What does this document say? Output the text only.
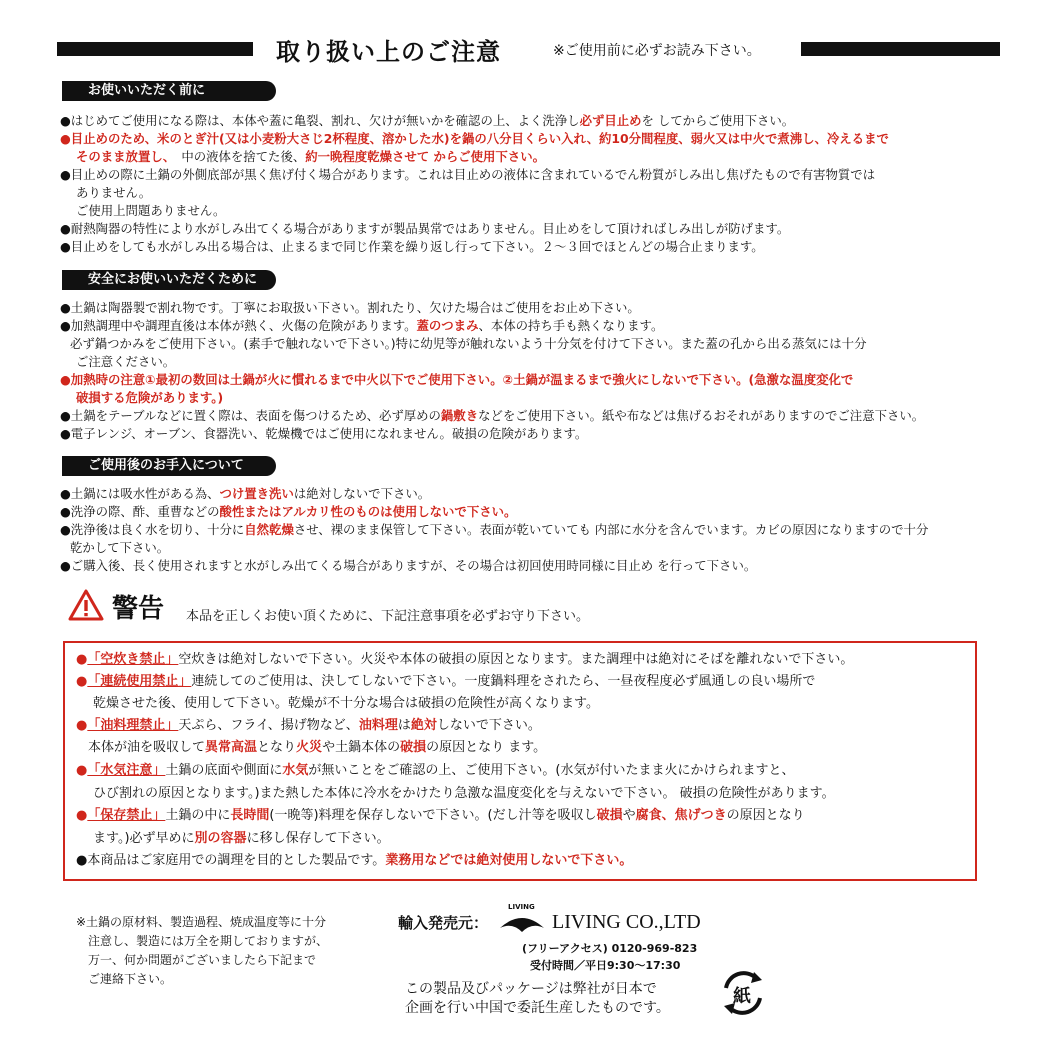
取り扱い上のご注意	※ご使用前に必ずお読み下さい。
お使いいただく前に
●はじめてご使用になる際は、本体や蓋に亀裂、割れ、欠けが無いかを確認の上、よく洗浄し必ず目止めを してからご使用下さい。
●目止めのため、米のとぎ汁(又は小麦粉大さじ2杯程度、溶かした水)を鍋の八分目くらい入れ、約10分間程度、弱火又は中火で煮沸し、冷えるまで
そのまま放置し、　中の液体を捨てた後、約一晩程度乾燥させて からご使用下さい。
●目止めの際に土鍋の外側底部が黒く焦げ付く場合があります。これは目止めの液体に含まれているでん粉質がしみ出し焦げたもので有害物質では
ありません。
ご使用上問題ありません。
●耐熱陶器の特性により水がしみ出てくる場合がありますが製品異常ではありません。目止めをして頂ければしみ出しが防げます。
●目止めをしても水がしみ出る場合は、止まるまで同じ作業を繰り返し行って下さい。２〜３回でほとんどの場合止まります。
安全にお使いいただくために
●土鍋は陶器製で割れ物です。丁寧にお取扱い下さい。割れたり、欠けた場合はご使用をお止め下さい。
●加熱調理中や調理直後は本体が熱く、火傷の危険があります。蓋のつまみ、本体の持ち手も熱くなります。
必ず鍋つかみをご使用下さい。(素手で触れないで下さい。)特に幼児等が触れないよう十分気を付けて下さい。また蓋の孔から出る蒸気には十分
ご注意ください。
●加熱時の注意①最初の数回は土鍋が火に慣れるまで中火以下でご使用下さい。②土鍋が温まるまで強火にしないで下さい。(急激な温度変化で
破損する危険があります。)
●土鍋をテーブルなどに置く際は、表面を傷つけるため、必ず厚めの鍋敷きなどをご使用下さい。紙や布などは焦げるおそれがありますのでご注意下さい。
●電子レンジ、オーブン、食器洗い、乾燥機ではご使用になれません。破損の危険があります。
ご使用後のお手入について
●土鍋には吸水性がある為、つけ置き洗いは絶対しないで下さい。
●洗浄の際、酢、重曹などの酸性またはアルカリ性のものは使用しないで下さい。
●洗浄後は良く水を切り、十分に自然乾燥させ、裸のまま保管して下さい。表面が乾いていても 内部に水分を含んでいます。カビの原因になりますので十分
乾かして下さい。
●ご購入後、長く使用されますと水がしみ出てくる場合がありますが、その場合は初回使用時同様に目止め を行って下さい。
警告 本品を正しくお使い頂くために、下記注意事項を必ずお守り下さい。
●「空炊き禁止」空炊きは絶対しないで下さい。火災や本体の破損の原因となります。また調理中は絶対にそばを離れないで下さい。
●「連続使用禁止」連続してのご使用は、決してしないで下さい。一度鍋料理をされたら、一昼夜程度必ず風通しの良い場所で
乾燥させた後、使用して下さい。乾燥が不十分な場合は破損の危険性が高くなります。
●「油料理禁止」天ぷら、フライ、揚げ物など、油料理は絶対しないで下さい。
本体が油を吸収して異常高温となり火災や土鍋本体の破損の原因となり ます。
●「水気注意」土鍋の底面や側面に水気が無いことをご確認の上、ご使用下さい。(水気が付いたまま火にかけられますと、
ひび割れの原因となります。)また熱した本体に冷水をかけたり急激な温度変化を与えないで下さい。 破損の危険性があります。
●「保存禁止」土鍋の中に長時間(一晩等)料理を保存しないで下さい。(だし汁等を吸収し破損や腐食、焦げつきの原因となり
ます。)必ず早めに別の容器に移し保存して下さい。
●本商品はご家庭用での調理を目的とした製品です。業務用などでは絶対使用しないで下さい。
※土鍋の原材料、製造過程、焼成温度等に十分
注意し、製造には万全を期しておりますが、
万一、何か問題がございましたら下記まで
ご連絡下さい。
輸入発売元：
LIVING
LIVING CO.,LTD
(フリーアクセス) 0120-969-823
受付時間／平日9:30〜17:30
この製品及びパッケージは弊社が日本で
企画を行い中国で委託生産したものです。
紙
